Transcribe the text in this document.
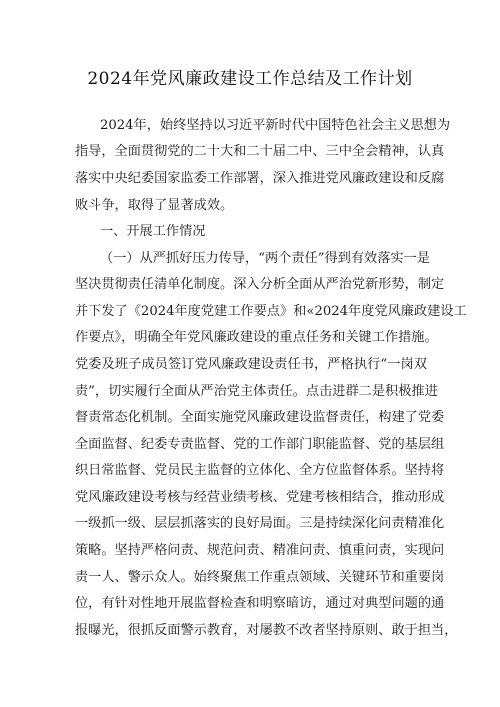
2024年党风廉政建设工作总结及工作计划
2024年，始终坚持以习近平新时代中国特色社会主义思想为
指导，全面贯彻党的二十大和二十届二中、三中全会精神，认真
落实中央纪委国家监委工作部署，深入推进党风廉政建设和反腐
败斗争，取得了显著成效。
一、开展工作情况
（一）从严抓好压力传导，“两个责任”得到有效落实一是
坚决贯彻责任清单化制度。深入分析全面从严治党新形势，制定
并下发了《2024年度党建工作要点》和«2024年度党风廉政建设工
作要点》，明确全年党风廉政建设的重点任务和关键工作措施。
党委及班子成员签订党风廉政建设责任书，严格执行“一岗双
责”，切实履行全面从严治党主体责任。点击进群二是积极推进
督责常态化机制。全面实施党风廉政建设监督责任，构建了党委
全面监督、纪委专责监督、党的工作部门职能监督、党的基层组
织日常监督、党员民主监督的立体化、全方位监督体系。坚持将
党风廉政建设考核与经营业绩考核、党建考核相结合，推动形成
一级抓一级、层层抓落实的良好局面。三是持续深化问责精准化
策略。坚持严格问责、规范问责、精准问责、慎重问责，实现问
责一人、警示众人。始终聚焦工作重点领域、关键环节和重要岗
位，有针对性地开展监督检查和明察暗访，通过对典型问题的通
报曝光，很抓反面警示教育，对屡教不改者坚持原则、敢于担当，
